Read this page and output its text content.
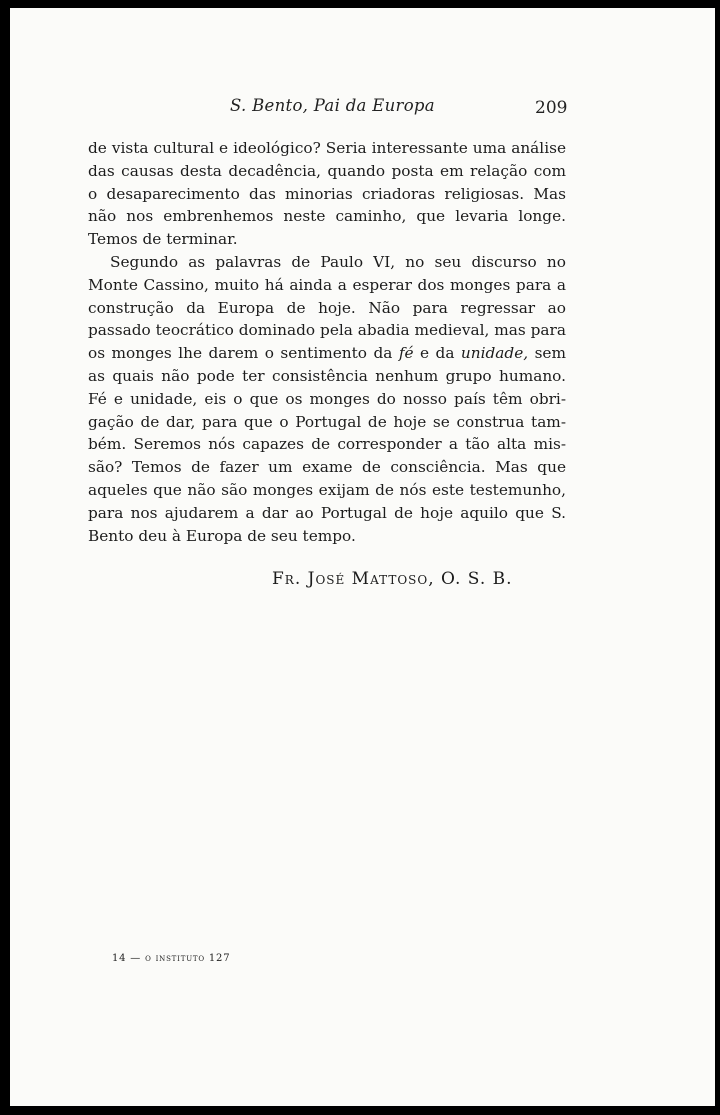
S. Bento, Pai da Europa	209

de vista cultural e ideológico? Seria interessante uma análise das causas desta decadência, quando posta em relação com o desaparecimento das minorias criadoras religiosas. Mas não nos embrenhemos neste caminho, que levaria longe. Temos de terminar.

Segundo as palavras de Paulo VI, no seu discurso no Monte Cassino, muito há ainda a esperar dos monges para a construção da Europa de hoje. Não para regressar ao passado teocrático dominado pela abadia medieval, mas para os monges lhe darem o sentimento da fé e da unidade, sem as quais não pode ter consistência nenhum grupo humano. Fé e unidade, eis o que os monges do nosso país têm obrigação de dar, para que o Portugal de hoje se construa também. Seremos nós capazes de corresponder a tão alta missão? Temos de fazer um exame de consciência. Mas que aqueles que não são monges exijam de nós este testemunho, para nos ajudarem a dar ao Portugal de hoje aquilo que S. Bento deu à Europa de seu tempo.

Fr. José Mattoso, O. S. B.
14 — o instituto 127
